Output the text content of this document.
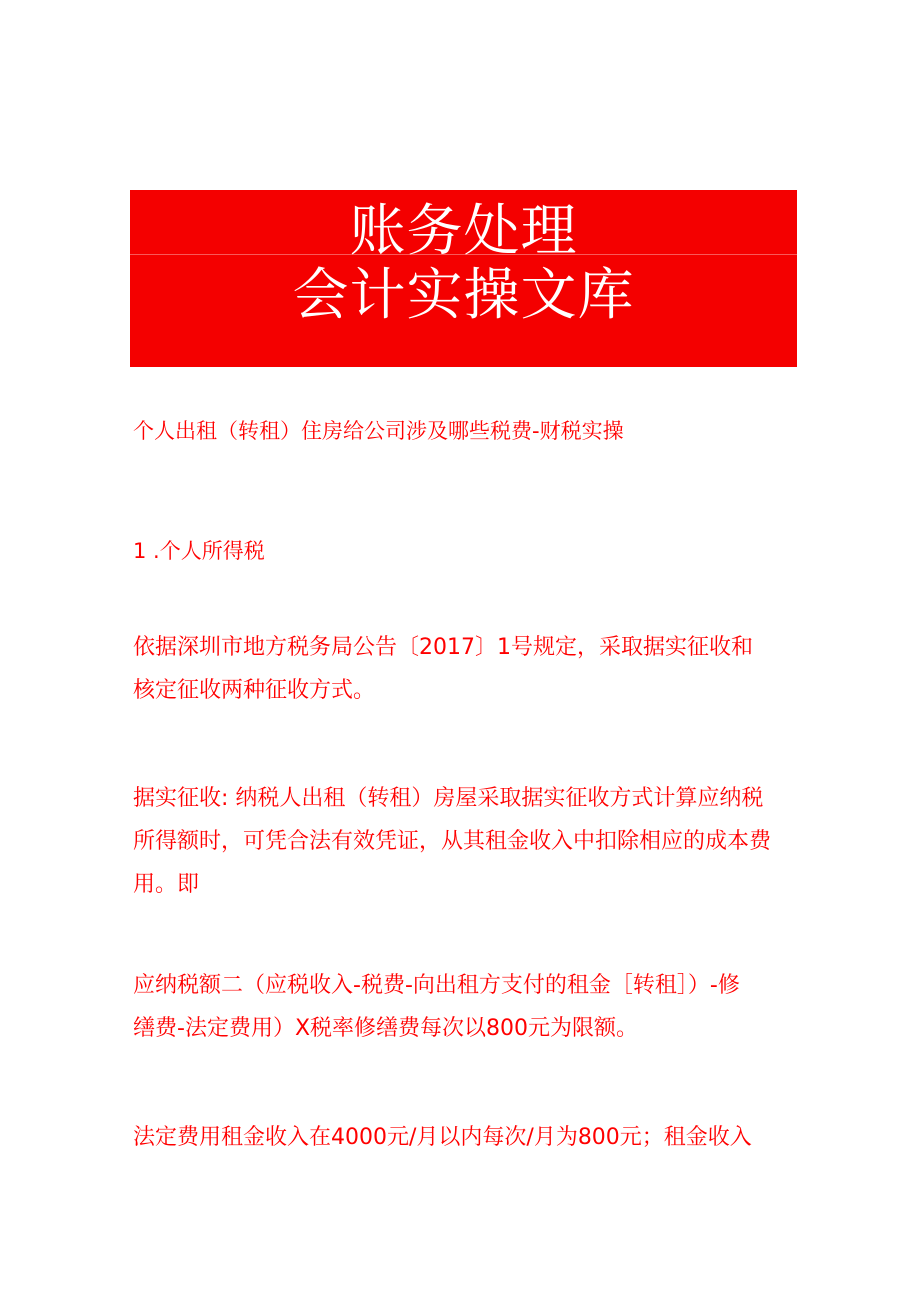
账务处理
会计实操文库
个人出租（转租）住房给公司涉及哪些税费-财税实操
1 .个人所得税
依据深圳市地方税务局公告〔2017〕1号规定，采取据实征收和
核定征收两种征收方式。
据实征收: 纳税人出租（转租）房屋采取据实征收方式计算应纳税
所得额时，可凭合法有效凭证，从其租金收入中扣除相应的成本费
用。即
应纳税额二（应税收入-税费-向出租方支付的租金［转租］）-修
缮费-法定费用）X税率修缮费每次以800元为限额。
法定费用租金收入在4000元/月以内每次/月为800元；租金收入
